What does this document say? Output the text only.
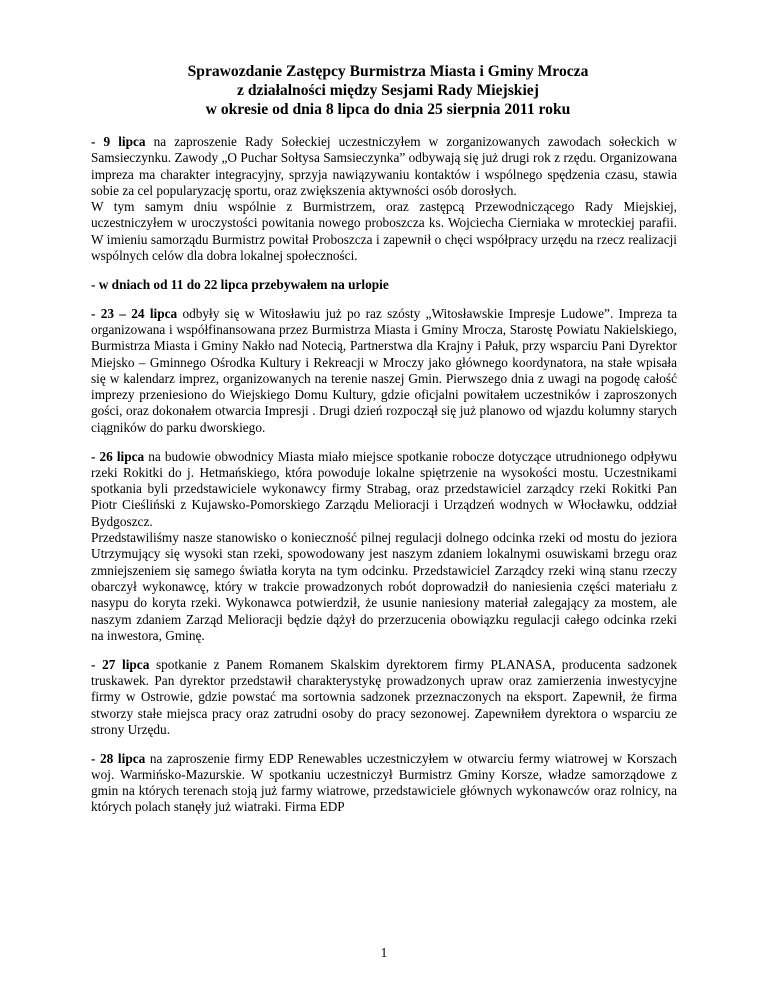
Sprawozdanie Zastępcy Burmistrza Miasta i Gminy Mrocza
z działalności między Sesjami Rady Miejskiej
w okresie od dnia 8 lipca do dnia 25 sierpnia 2011 roku

- 9 lipca na zaproszenie Rady Sołeckiej uczestniczyłem w zorganizowanych zawodach sołeckich w Samsieczynku. Zawody „O Puchar Sołtysa Samsieczynka” odbywają się już drugi rok z rzędu. Organizowana impreza ma charakter integracyjny, sprzyja nawiązywaniu kontaktów i wspólnego spędzenia czasu, stawia sobie za cel popularyzację sportu, oraz zwiększenia aktywności osób dorosłych.

W tym samym dniu wspólnie z Burmistrzem, oraz zastępcą Przewodniczącego Rady Miejskiej, uczestniczyłem w uroczystości powitania nowego proboszcza ks. Wojciecha Cierniaka w mroteckiej parafii. W imieniu samorządu Burmistrz powitał Proboszcza i zapewnił o chęci współpracy urzędu na rzecz realizacji wspólnych celów dla dobra lokalnej społeczności.

- w dniach od 11 do 22 lipca przebywałem na urlopie

- 23 – 24 lipca odbyły się w Witosławiu już po raz szósty „Witosławskie Impresje Ludowe”. Impreza ta organizowana i współfinansowana przez Burmistrza Miasta i Gminy Mrocza, Starostę Powiatu Nakielskiego, Burmistrza Miasta i Gminy Nakło nad Notecią, Partnerstwa dla Krajny i Pałuk, przy wsparciu Pani Dyrektor Miejsko – Gminnego Ośrodka Kultury i Rekreacji w Mroczy jako głównego koordynatora, na stałe wpisała się w kalendarz imprez, organizowanych na terenie naszej Gmin. Pierwszego dnia z uwagi na pogodę całość imprezy przeniesiono do Wiejskiego Domu Kultury, gdzie oficjalni powitałem uczestników i zaproszonych gości, oraz dokonałem otwarcia Impresji . Drugi dzień rozpoczął się już planowo od wjazdu kolumny starych ciągników do parku dworskiego.

- 26 lipca na budowie obwodnicy Miasta miało miejsce spotkanie robocze dotyczące utrudnionego odpływu rzeki Rokitki do j. Hetmańskiego, która powoduje lokalne spiętrzenie na wysokości mostu. Uczestnikami spotkania byli przedstawiciele wykonawcy firmy Strabag, oraz przedstawiciel zarządcy rzeki Rokitki Pan Piotr Cieśliński z Kujawsko-Pomorskiego Zarządu Melioracji i Urządzeń wodnych w Włocławku, oddział Bydgoszcz.

Przedstawiliśmy nasze stanowisko o konieczność pilnej regulacji dolnego odcinka rzeki od mostu do jeziora Utrzymujący się wysoki stan rzeki, spowodowany jest naszym zdaniem lokalnymi osuwiskami brzegu oraz zmniejszeniem się samego światła koryta na tym odcinku. Przedstawiciel Zarządcy rzeki winą stanu rzeczy obarczył wykonawcę, który w trakcie prowadzonych robót doprowadził do naniesienia części materiału z nasypu do koryta rzeki. Wykonawca potwierdził, że usunie naniesiony materiał zalegający za mostem, ale naszym zdaniem Zarząd Melioracji będzie dążył do przerzucenia obowiązku regulacji całego odcinka rzeki na inwestora, Gminę.

- 27 lipca spotkanie z Panem Romanem Skalskim dyrektorem firmy PLANASA, producenta sadzonek truskawek. Pan dyrektor przedstawił charakterystykę prowadzonych upraw oraz zamierzenia inwestycyjne firmy w Ostrowie, gdzie powstać ma sortownia sadzonek przeznaczonych na eksport. Zapewnił, że firma stworzy stałe miejsca pracy oraz zatrudni osoby do pracy sezonowej. Zapewniłem dyrektora o wsparciu ze strony Urzędu.

- 28 lipca na zaproszenie firmy EDP Renewables uczestniczyłem w otwarciu fermy wiatrowej w Korszach woj. Warmińsko-Mazurskie. W spotkaniu uczestniczył Burmistrz Gminy Korsze, władze samorządowe z gmin na których terenach stoją już farmy wiatrowe, przedstawiciele głównych wykonawców oraz rolnicy, na których polach stanęły już wiatraki. Firma EDP

1
